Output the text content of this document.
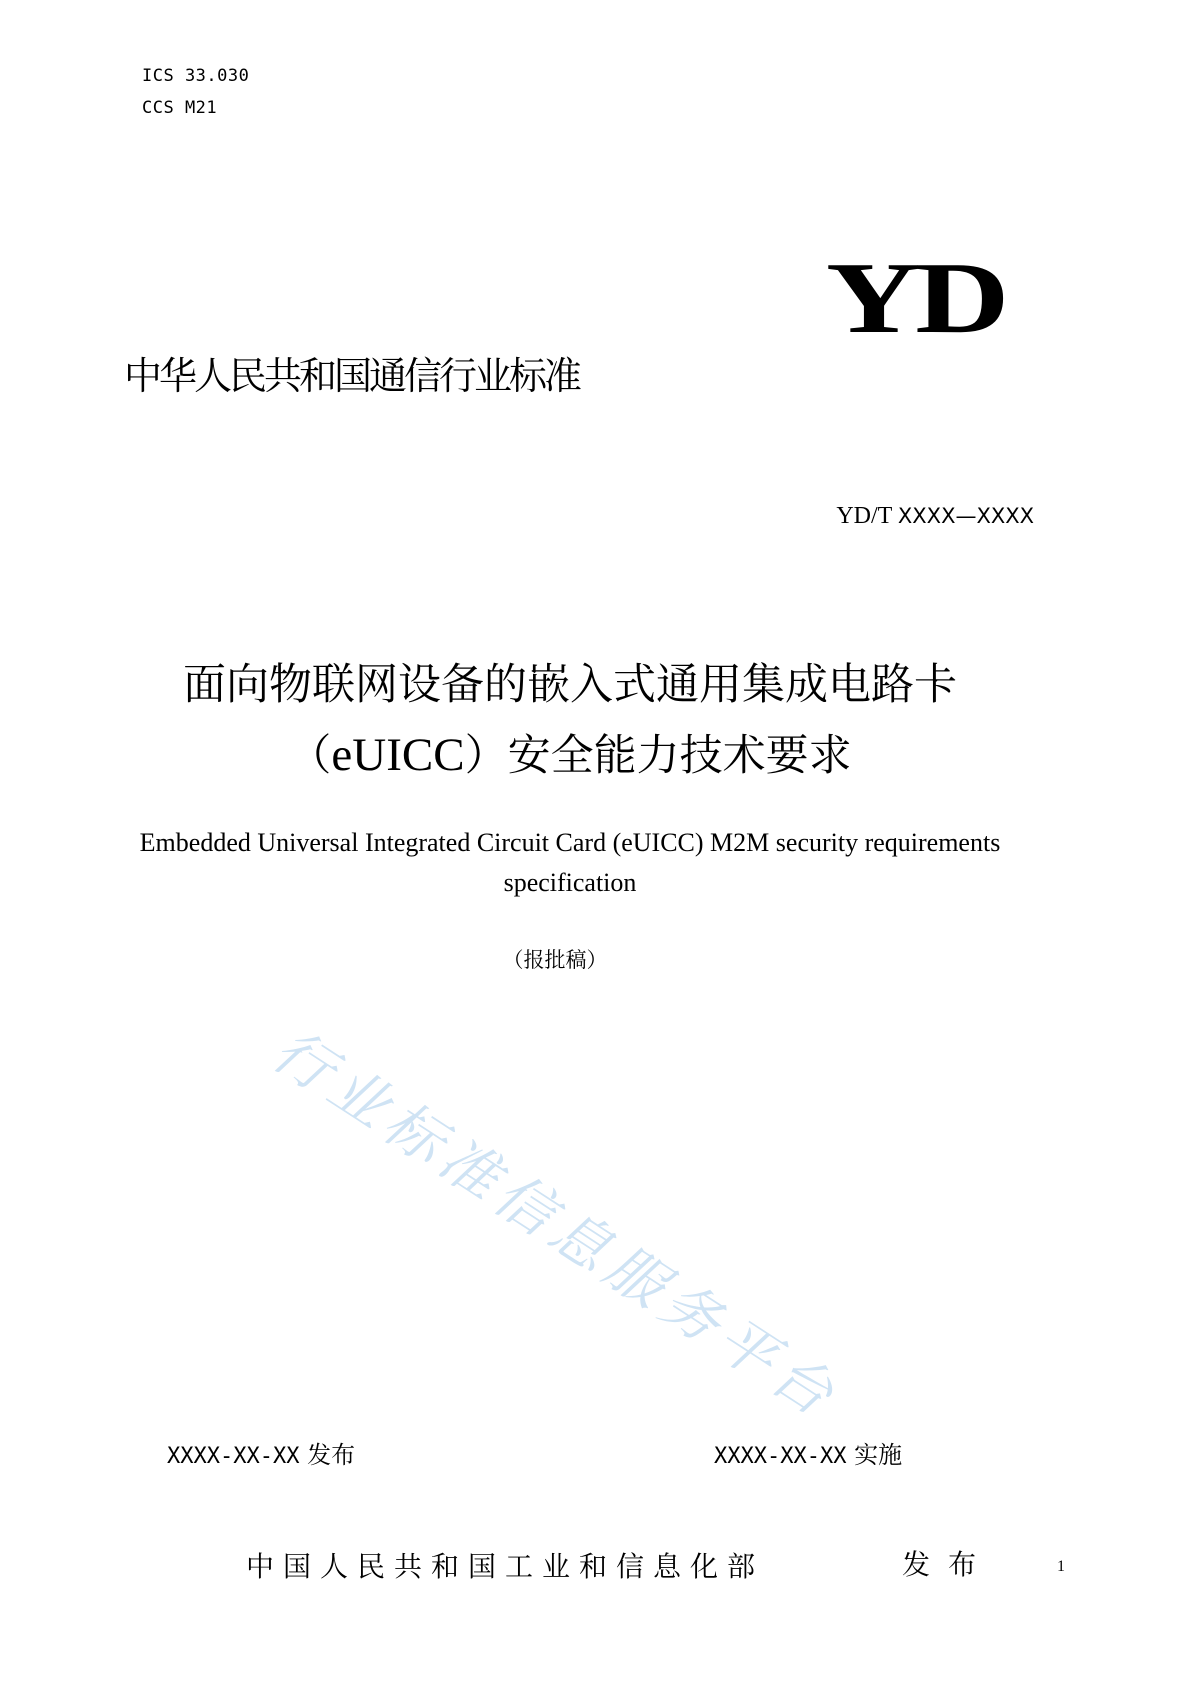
ICS 33.030
CCS M21
YD
中华人民共和国通信行业标准
YD/T XXXX—XXXX
面向物联网设备的嵌入式通用集成电路卡
（eUICC）安全能力技术要求
Embedded Universal Integrated Circuit Card (eUICC) M2M security requirements
specification
（报批稿）
行业标准信息服务平台
XXXX-XX-XX 发布	XXXX-XX-XX 实施
中国人民共和国工业和信息化部	发布	1
